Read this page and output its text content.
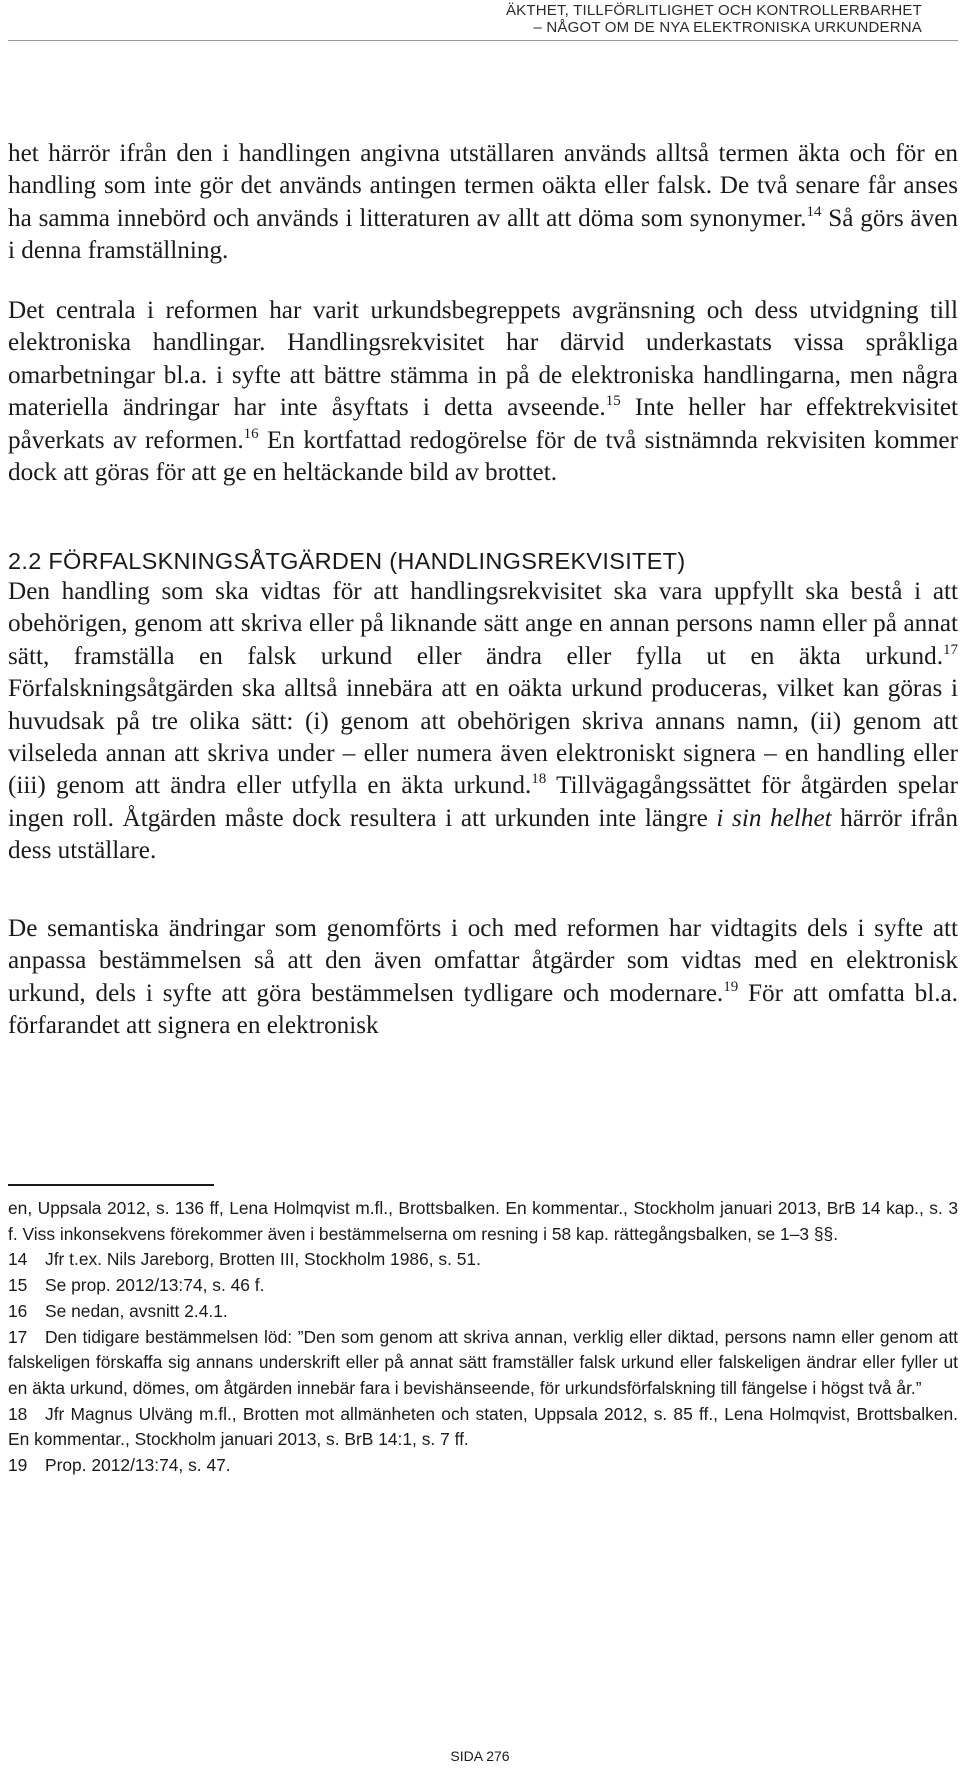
ÄKTHET, TILLFÖRLITLIGHET OCH KONTROLLERBARHET
– NÅGOT OM DE NYA ELEKTRONISKA URKUNDERNA

het härrör ifrån den i handlingen angivna utställaren används alltså termen äkta och för en handling som inte gör det används antingen termen oäkta eller falsk. De två senare får anses ha samma innebörd och används i litteraturen av allt att döma som synonymer.$^{14}$ Så görs även i denna framställning.

Det centrala i reformen har varit urkundsbegreppets avgränsning och dess utvidgning till elektroniska handlingar. Handlingsrekvisitet har därvid underkastats vissa språkliga omarbetningar bl.a. i syfte att bättre stämma in på de elektroniska handlingarna, men några materiella ändringar har inte åsyftats i detta avseende.$^{15}$ Inte heller har effektrekvisitet påverkats av reformen.$^{16}$ En kortfattad redogörelse för de två sistnämnda rekvisiten kommer dock att göras för att ge en heltäckande bild av brottet.

2.2 FÖRFALSKNINGSÅTGÄRDEN (HANDLINGSREKVISITET)

Den handling som ska vidtas för att handlingsrekvisitet ska vara uppfyllt ska bestå i att obehörigen, genom att skriva eller på liknande sätt ange en annan persons namn eller på annat sätt, framställa en falsk urkund eller ändra eller fylla ut en äkta urkund.$^{17}$ Förfalskningsåtgärden ska alltså innebära att en oäkta urkund produceras, vilket kan göras i huvudsak på tre olika sätt: (i) genom att obehörigen skriva annans namn, (ii) genom att vilseleda annan att skriva under – eller numera även elektroniskt signera – en handling eller (iii) genom att ändra eller utfylla en äkta urkund.$^{18}$ Tillvägagångssättet för åtgärden spelar ingen roll. Åtgärden måste dock resultera i att urkunden inte längre i sin helhet härrör ifrån dess utställare.

De semantiska ändringar som genomförts i och med reformen har vidtagits dels i syfte att anpassa bestämmelsen så att den även omfattar åtgärder som vidtas med en elektronisk urkund, dels i syfte att göra bestämmelsen tydligare och modernare.$^{19}$ För att omfatta bl.a. förfarandet att signera en elektronisk

en, Uppsala 2012, s. 136 ff, Lena Holmqvist m.fl., Brottsbalken. En kommentar., Stockholm januari 2013, BrB 14 kap., s. 3 f. Viss inkonsekvens förekommer även i bestämmelserna om resning i 58 kap. rättegångsbalken, se 1–3 §§.

14 Jfr t.ex. Nils Jareborg, Brotten III, Stockholm 1986, s. 51.

15 Se prop. 2012/13:74, s. 46 f.

16 Se nedan, avsnitt 2.4.1.

17 Den tidigare bestämmelsen löd: ”Den som genom att skriva annan, verklig eller diktad, persons namn eller genom att falskeligen förskaffa sig annans underskrift eller på annat sätt framställer falsk urkund eller falskeligen ändrar eller fyller ut en äkta urkund, dömes, om åtgärden innebär fara i bevishänseende, för urkundsförfalskning till fängelse i högst två år.”

18 Jfr Magnus Ulväng m.fl., Brotten mot allmänheten och staten, Uppsala 2012, s. 85 ff., Lena Holmqvist, Brottsbalken. En kommentar., Stockholm januari 2013, s. BrB 14:1, s. 7 ff.

19 Prop. 2012/13:74, s. 47.

SIDA 276
